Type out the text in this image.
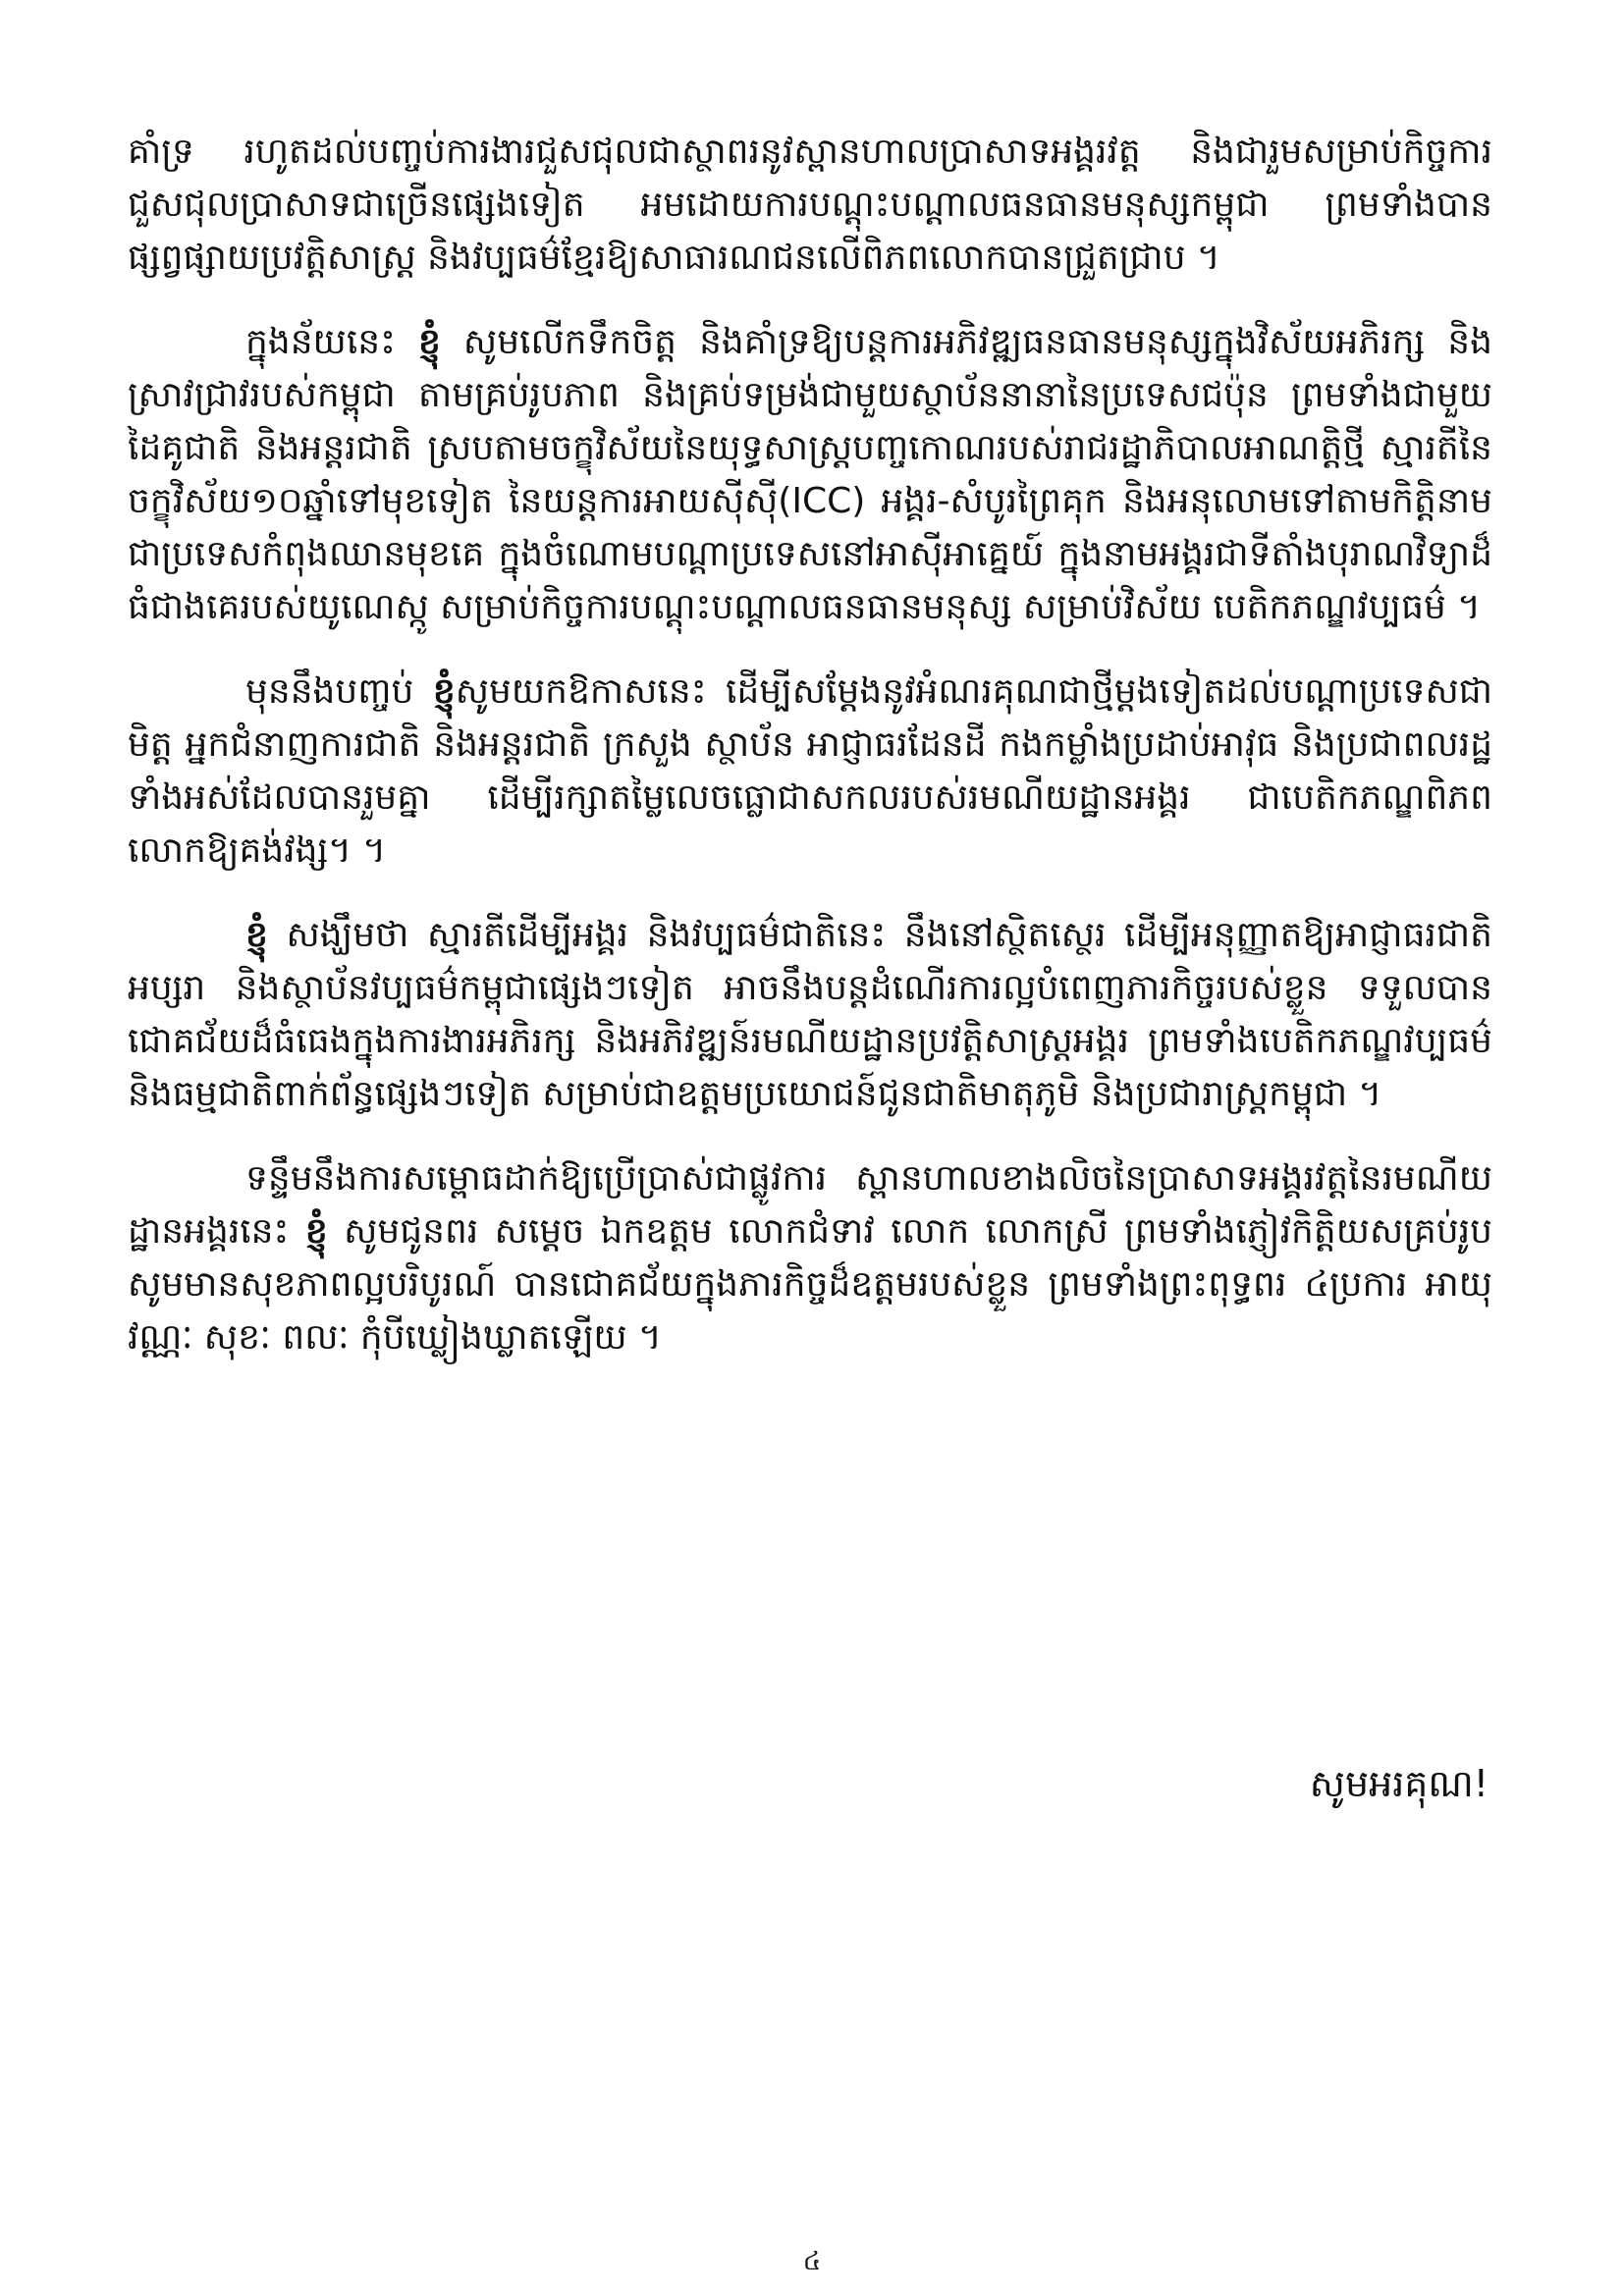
គាំទ្រ រហូតដល់បញ្ចប់ការងារជួសជុលជាស្ថាពរនូវស្ពានហាលប្រាសាទអង្គរវត្ត និងជារួមសម្រាប់កិច្ចការជួសជុលប្រាសាទជាច្រើនផ្សេងទៀត អមដោយការបណ្តុះបណ្តាលធនធានមនុស្សកម្ពុជា ព្រមទាំងបានផ្សព្វផ្សាយប្រវត្តិសាស្រ្ត និងវប្បធម៌ខ្មែរឱ្យសាធារណជនលើពិភពលោកបានជ្រួតជ្រាប ។

ក្នុងន័យនេះ ខ្ញុំ សូមលើកទឹកចិត្ត និងគាំទ្រឱ្យបន្តការអភិវឌ្ឍធនធានមនុស្សក្នុងវិស័យអភិរក្ស និងស្រាវជ្រាវរបស់កម្ពុជា តាមគ្រប់រូបភាព និងគ្រប់ទម្រង់ជាមួយស្ថាប័ននានានៃប្រទេសជប៉ុន ព្រមទាំងជាមួយដៃគូជាតិ និងអន្តរជាតិ ស្របតាមចក្ខុវិស័យនៃយុទ្ធសាស្រ្តបញ្ចកោណរបស់រាជរដ្ឋាភិបាលអាណត្តិថ្មី ស្មារតីនៃចក្ខុវិស័យ១០ឆ្នាំទៅមុខទៀត នៃយន្តការអាយស៊ីស៊ី(ICC) អង្គរ-សំបូរព្រៃគុក និងអនុលោមទៅតាមកិត្តិនាមជាប្រទេសកំពុងឈានមុខគេ ក្នុងចំណោមបណ្តាប្រទេសនៅអាស៊ីអាគ្នេយ៍ ក្នុងនាមអង្គរជាទីតាំងបុរាណវិទ្យាដ៏ធំជាងគេរបស់យូណេស្កូ សម្រាប់កិច្ចការបណ្តុះបណ្តាលធនធានមនុស្ស សម្រាប់វិស័យ បេតិកភណ្ឌវប្បធម៌ ។

មុននឹងបញ្ចប់ ខ្ញុំសូមយកឱកាសនេះ ដើម្បីសម្តែងនូវអំណរគុណជាថ្មីម្តងទៀតដល់បណ្តាប្រទេសជាមិត្ត អ្នកជំនាញការជាតិ និងអន្តរជាតិ ក្រសួង ស្ថាប័ន អាជ្ញាធរដែនដី កងកម្លាំងប្រដាប់អាវុធ និងប្រជាពលរដ្ឋទាំងអស់ដែលបានរួមគ្នា ដើម្បីរក្សាតម្លៃលេចធ្លោជាសកលរបស់រមណីយដ្ឋានអង្គរ ជាបេតិកភណ្ឌពិភពលោកឱ្យគង់វង្ស។ ។

ខ្ញុំ សង្ឃឹមថា ស្មារតីដើម្បីអង្គរ និងវប្បធម៌ជាតិនេះ នឹងនៅស្ថិតស្ថេរ ដើម្បីអនុញ្ញាតឱ្យអាជ្ញាធរជាតិអប្សរា និងស្ថាប័នវប្បធម៌កម្ពុជាផ្សេងៗទៀត អាចនឹងបន្តដំណើរការល្អបំពេញភារកិច្ចរបស់ខ្លួន ទទួលបានជោគជ័យដ៏ធំធេងក្នុងការងារអភិរក្ស និងអភិវឌ្ឍន៍រមណីយដ្ឋានប្រវត្តិសាស្រ្តអង្គរ ព្រមទាំងបេតិកភណ្ឌវប្បធម៌ និងធម្មជាតិពាក់ព័ន្ធផ្សេងៗទៀត សម្រាប់ជាឧត្តមប្រយោជន៍ជូនជាតិមាតុភូមិ និងប្រជារាស្រ្តកម្ពុជា ។

ទន្ទឹមនឹងការសម្ពោធដាក់ឱ្យប្រើប្រាស់ជាផ្លូវការ ស្ពានហាលខាងលិចនៃប្រាសាទអង្គរវត្តនៃរមណីយដ្ឋានអង្គរនេះ ខ្ញុំ សូមជូនពរ សម្តេច ឯកឧត្តម លោកជំទាវ លោក លោកស្រី ព្រមទាំងភ្ញៀវកិត្តិយសគ្រប់រូប សូមមានសុខភាពល្អបរិបូរណ៍ បានជោគជ័យក្នុងភារកិច្ចដ៏ឧត្តមរបស់ខ្លួន ព្រមទាំងព្រះពុទ្ធពរ ៤ប្រការ អាយុ វណ្ណៈ សុខៈ ពលៈ កុំបីឃ្លៀងឃ្លាតឡើយ ។

សូមអរគុណ!
៤
